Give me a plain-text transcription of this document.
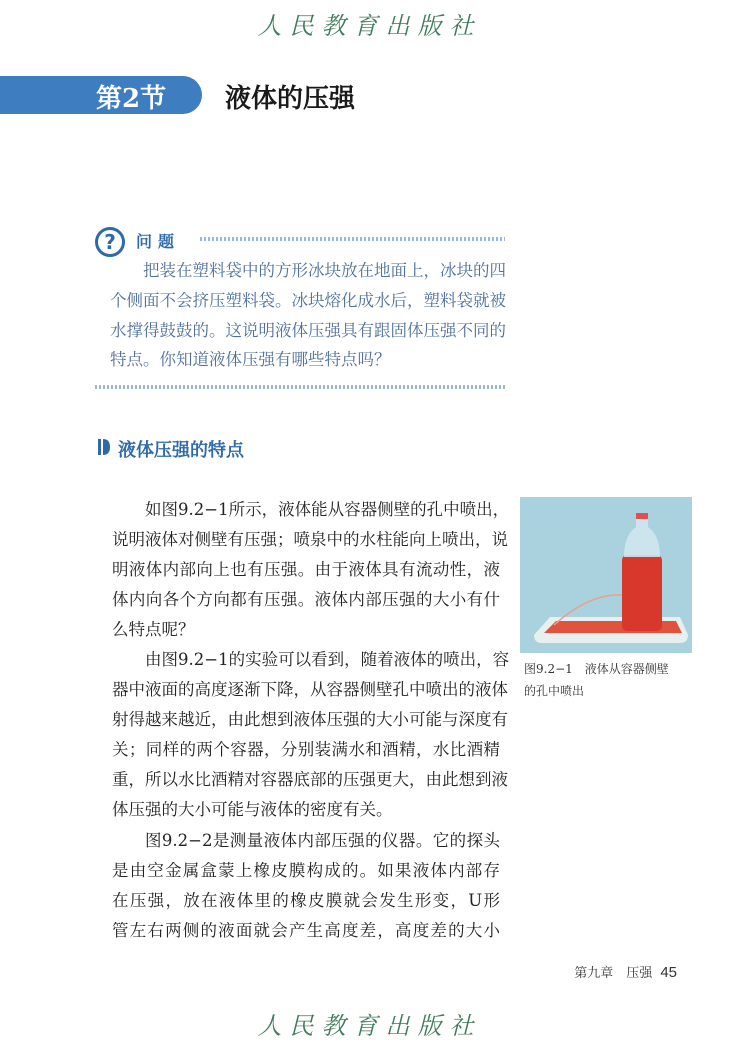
人民教育出版社
第2节 液体的压强
?	问题
把装在塑料袋中的方形冰块放在地面上，冰块的四
个侧面不会挤压塑料袋。冰块熔化成水后，塑料袋就被
水撑得鼓鼓的。这说明液体压强具有跟固体压强不同的
特点。你知道液体压强有哪些特点吗？
液体压强的特点
如图9.2−1所示，液体能从容器侧壁的孔中喷出，
说明液体对侧壁有压强；喷泉中的水柱能向上喷出，说
明液体内部向上也有压强。由于液体具有流动性，液
体内向各个方向都有压强。液体内部压强的大小有什
么特点呢？
由图9.2−1的实验可以看到，随着液体的喷出，容
器中液面的高度逐渐下降，从容器侧壁孔中喷出的液体
射得越来越近，由此想到液体压强的大小可能与深度有
关；同样的两个容器，分别装满水和酒精，水比酒精
重，所以水比酒精对容器底部的压强更大，由此想到液
体压强的大小可能与液体的密度有关。
图9.2−2是测量液体内部压强的仪器。它的探头
是由空金属盒蒙上橡皮膜构成的。如果液体内部存
在压强，放在液体里的橡皮膜就会发生形变，U形
管左右两侧的液面就会产生高度差，高度差的大小
图9.2−1　液体从容器侧壁
的孔中喷出
第九章　压强 45
人民教育出版社
